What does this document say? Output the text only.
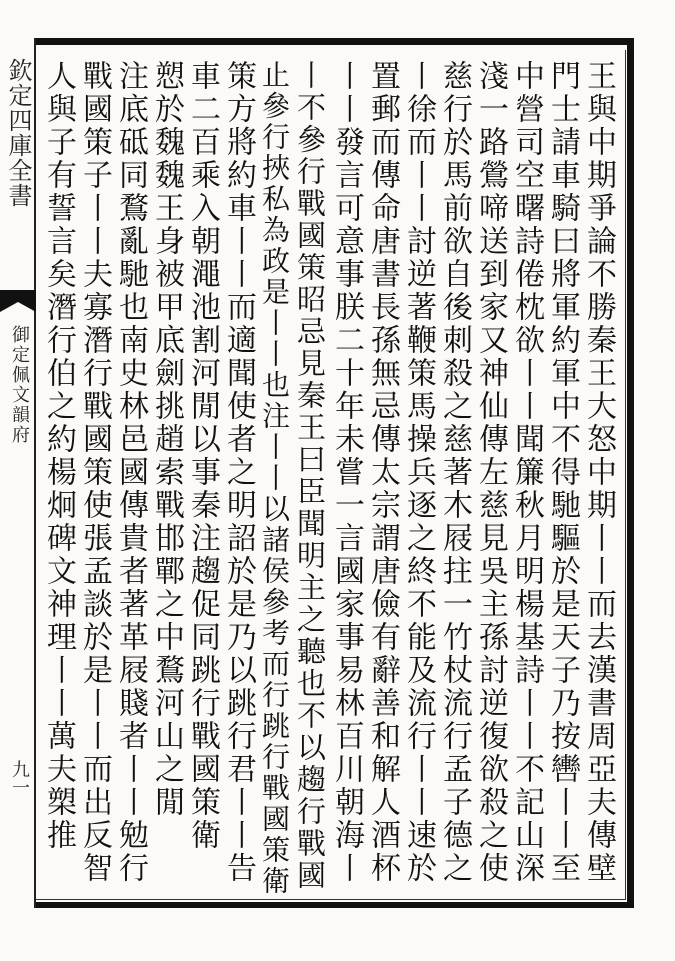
欽定四庫全書
御定佩文韻府
九一	王與中期爭論不勝秦王大怒中期丨丨而去漢書周亞夫傳壁
門士請車騎曰將軍約軍中不得馳驅於是天子乃按轡丨丨至
中營司空曙詩倦枕欲丨丨聞簾秋月明楊基詩丨丨不記山深
淺一路鶯啼送到家又神仙傳左慈見吳主孫討逆復欲殺之使
慈行於馬前欲自後刺殺之慈著木屐拄一竹杖流行孟子德之
丨徐而丨丨討逆著鞭策馬操兵逐之終不能及流行丨丨速於
置郵而傳命唐書長孫無忌傳太宗謂唐儉有辭善和解人酒杯
丨丨發言可意事朕二十年未嘗一言國家事易林百川朝海丨
丨不參行戰國策昭忌見秦王曰臣聞明主之聽也不以趨行戰國
止參行挾私為政是丨丨也注丨丨以諸侯參考而行跳行戰國策衛
策方將約車丨丨而適聞使者之明詔於是乃以跳行君丨丨告
車二百乘入朝澠池割河閒以事秦注趨促同跳行戰國策衛
愬於魏魏王身被甲底劍挑趙索戰邯鄲之中鶩河山之閒
注底砥同鶩亂馳也南史林邑國傳貴者著革屐賤者丨丨勉行
戰國策子丨丨夫寡潛行戰國策使張孟談於是丨丨而出反智
人與子有誓言矣潛行伯之約楊炯碑文神理丨丨萬夫槊推
